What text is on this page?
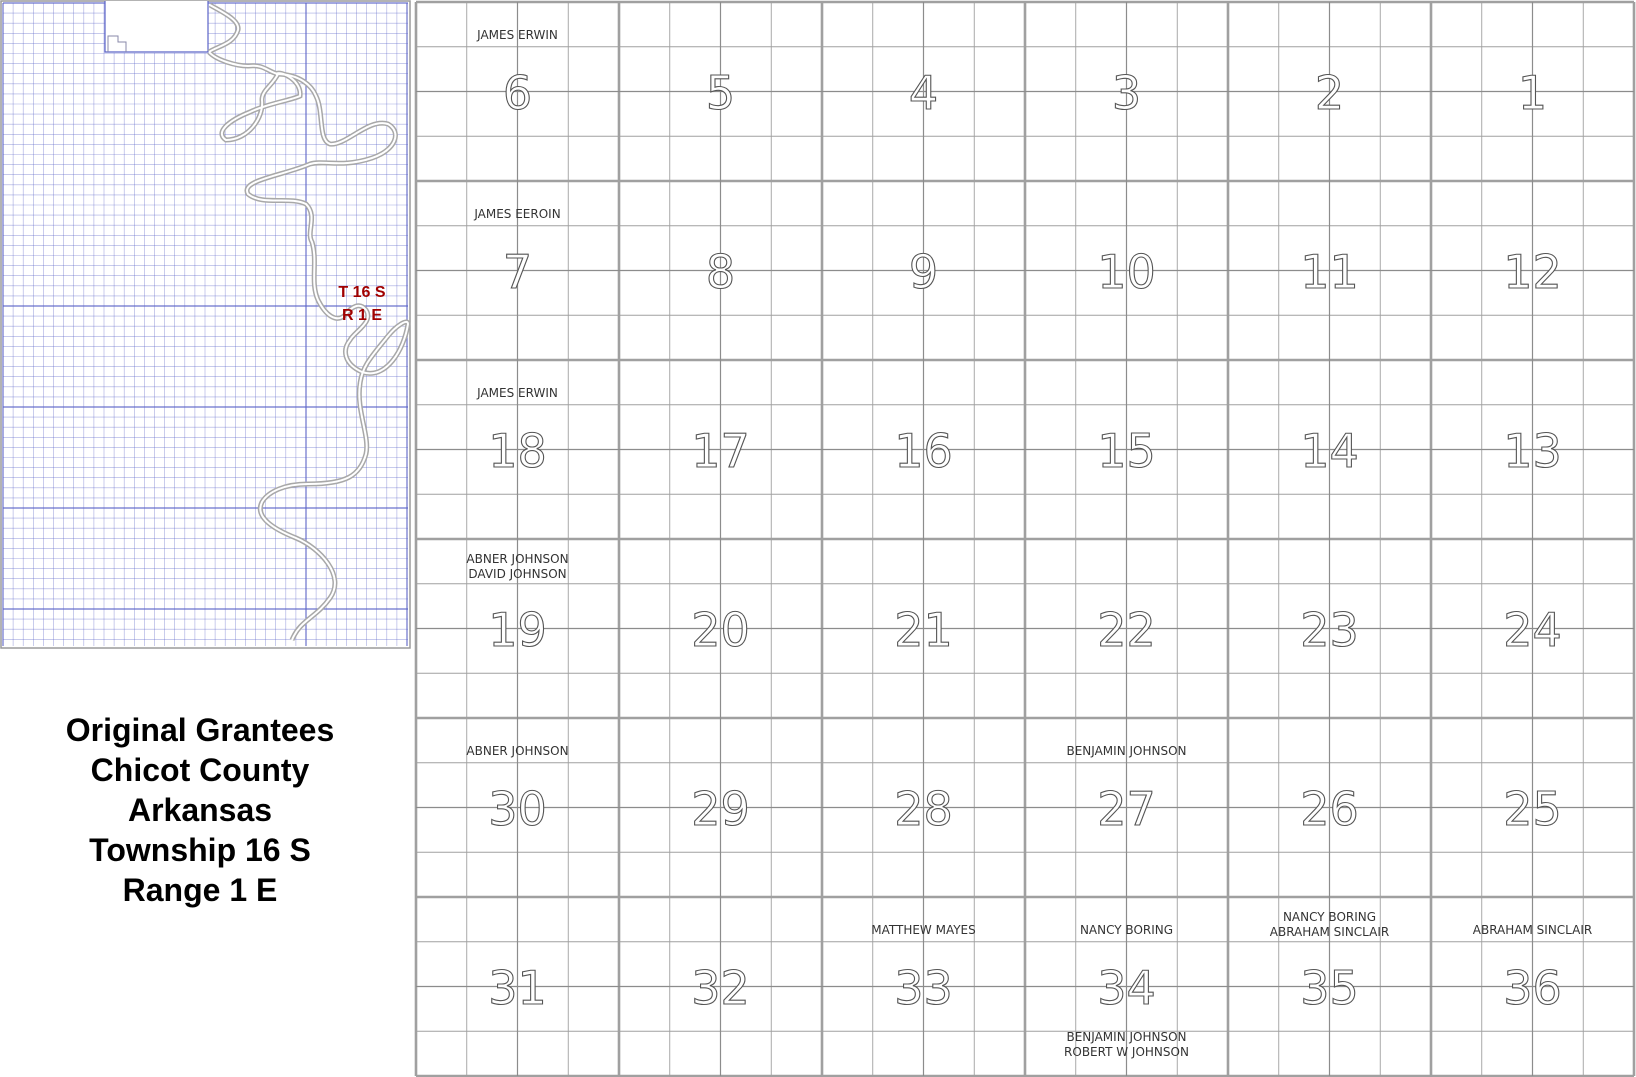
T 16 S
R 1 E
Original Grantees
Chicot County
Arkansas
Township 16 S
Range 1 E
6
JAMES ERWIN
5	4	3	2	1
7
JAMES EEROIN
8	9	10	11	12
18
JAMES ERWIN
17	16	15	14	13
19
ABNER JOHNSON
DAVID JOHNSON
20	21	22	23	24
30
ABNER JOHNSON
29	28	27
BENJAMIN JOHNSON
26	25
31	32	33
MATTHEW MAYES
34
NANCY BORING
BENJAMIN JOHNSON
ROBERT W JOHNSON
35
NANCY BORING
ABRAHAM SINCLAIR
36
ABRAHAM SINCLAIR
